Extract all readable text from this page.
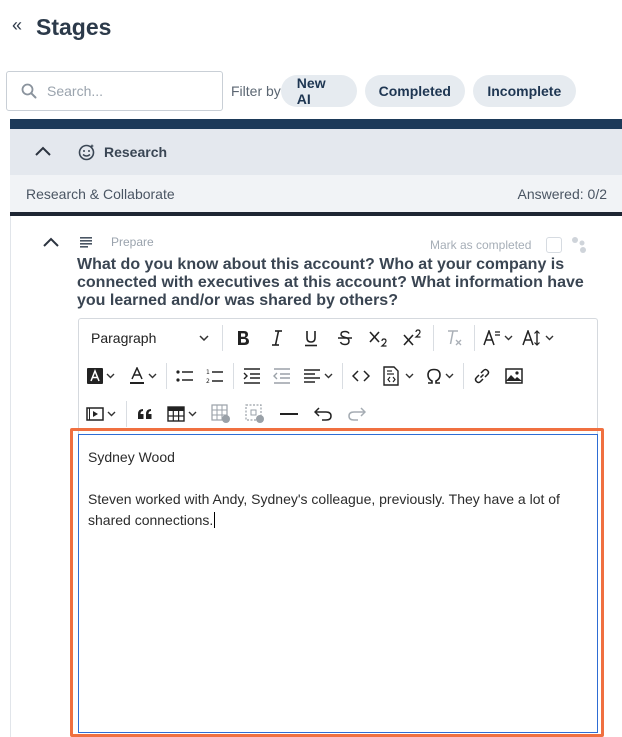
« Stages
Search...
Filter by	New AI	Completed	Incomplete
Research
Research & Collaborate	Answered: 0/2
Prepare	Mark as completed
What do you know about this account? Who at your company is connected with executives at this account? What information have you learned and/or was shared by others?
Paragraph
1
2

Sydney Wood

Steven worked with Andy, Sydney's colleague, previously. They have a lot of shared connections.
